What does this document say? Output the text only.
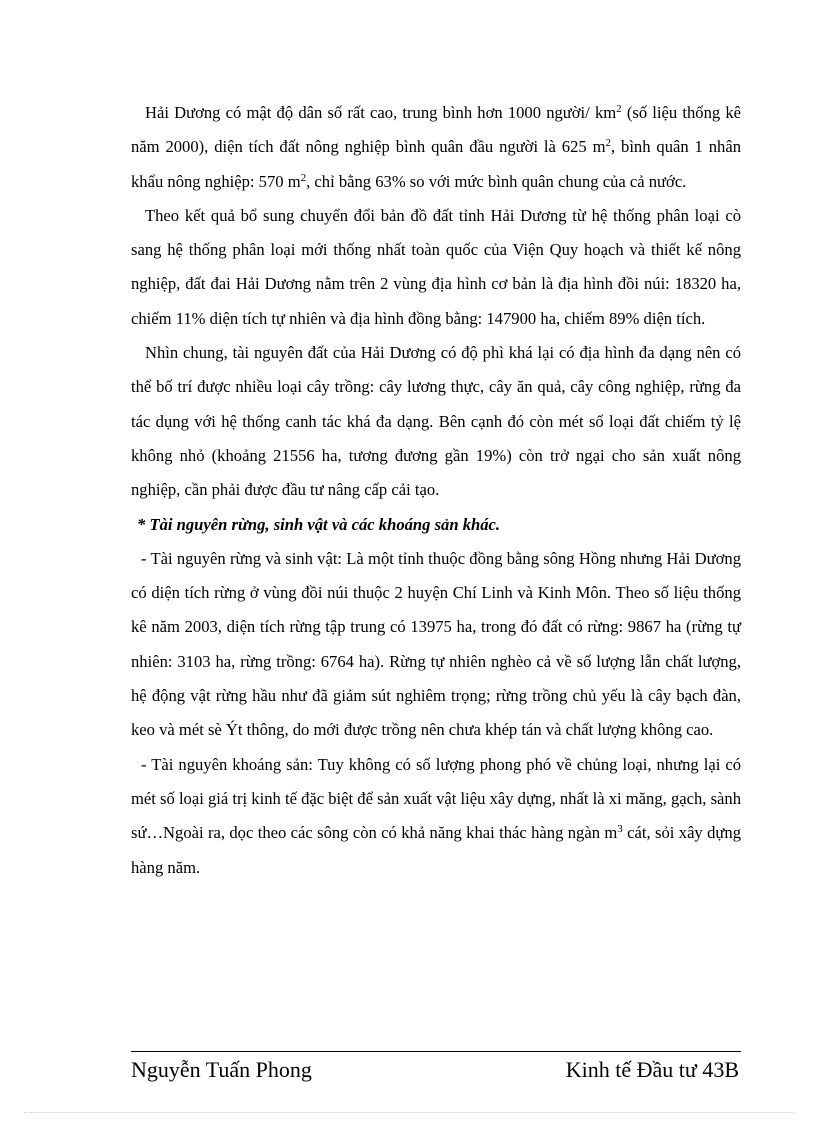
Hải Dương có mật độ dân số rất cao, trung bình hơn 1000 người/ $km^2$ (số liệu thống kê năm 2000), diện tích đất nông nghiệp bình quân đầu người là 625 $m^2$, bình quân 1 nhân khẩu nông nghiệp: 570 $m^2$, chỉ bằng 63% so với mức bình quân chung của cả nước.

Theo kết quả bổ sung chuyển đổi bản đồ đất tỉnh Hải Dương từ hệ thống phân loại cò sang hệ thống phân loại mới thống nhất toàn quốc của Viện Quy hoạch và thiết kế nông nghiệp, đất đai Hải Dương nằm trên 2 vùng địa hình cơ bản là địa hình đồi núi: 18320 ha, chiếm 11% diện tích tự nhiên và địa hình đồng bằng: 147900 ha, chiếm 89% diện tích.

Nhìn chung, tài nguyên đất của Hải Dương có độ phì khá lại có địa hình đa dạng nên có thể bố trí được nhiều loại cây trồng: cây lương thực, cây ăn quả, cây công nghiệp, rừng đa tác dụng với hệ thống canh tác khá đa dạng. Bên cạnh đó còn mét số loại đất chiếm tỷ lệ không nhỏ (khoảng 21556 ha, tương đương gần 19%) còn trở ngại cho sản xuất nông nghiệp, cần phải được đầu tư nâng cấp cải tạo.

* Tài nguyên rừng, sinh vật và các khoáng sản khác.

- Tài nguyên rừng và sinh vật: Là một tỉnh thuộc đồng bằng sông Hồng nhưng Hải Dương có diện tích rừng ở vùng đồi núi thuộc 2 huyện Chí Linh và Kinh Môn. Theo số liệu thống kê năm 2003, diện tích rừng tập trung có 13975 ha, trong đó đất có rừng: 9867 ha (rừng tự nhiên: 3103 ha, rừng trồng: 6764 ha). Rừng tự nhiên nghèo cả về số lượng lẫn chất lượng, hệ động vật rừng hầu như đã giảm sút nghiêm trọng; rừng trồng chủ yếu là cây bạch đàn, keo và mét sè Ýt thông, do mới được trồng nên chưa khép tán và chất lượng không cao.

- Tài nguyên khoáng sản: Tuy không có số lượng phong phó về chủng loại, nhưng lại có mét số loại giá trị kinh tế đặc biệt để sản xuất vật liệu xây dựng, nhất là xi măng, gạch, sành sứ…Ngoài ra, dọc theo các sông còn có khả năng khai thác hàng ngàn $m^3$ cát, sỏi xây dựng hàng năm.

Nguyễn Tuấn Phong	Kinh tế Đầu tư 43B
